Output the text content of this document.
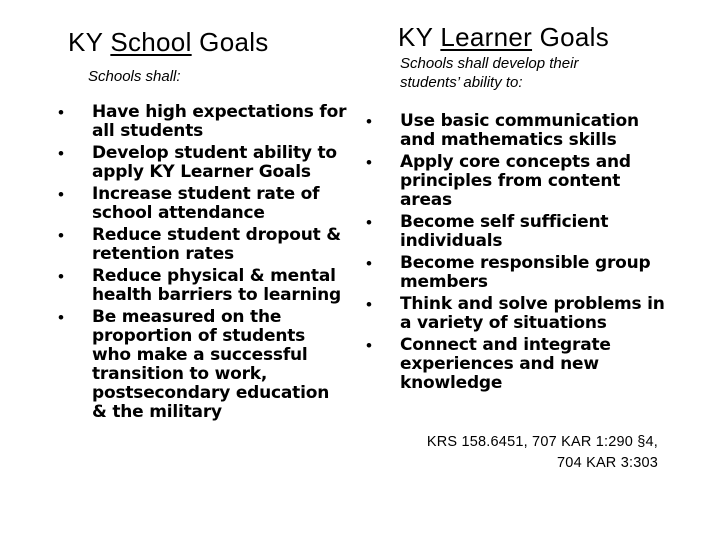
KY School Goals
Schools shall:
• Have high expectations for all students
• Develop student ability to apply KY Learner Goals
• Increase student rate of school attendance
• Reduce student dropout & retention rates
• Reduce physical & mental health barriers to learning
• Be measured on the proportion of students who make a successful transition to work, postsecondary education & the military
KY Learner Goals
Schools shall develop their students’ ability to:
• Use basic communication and mathematics skills
• Apply core concepts and principles from content areas
• Become self sufficient individuals
• Become responsible group members
• Think and solve problems in a variety of situations
• Connect and integrate experiences and new knowledge
KRS 158.6451, 707 KAR 1:290 §4,
704 KAR 3:303
